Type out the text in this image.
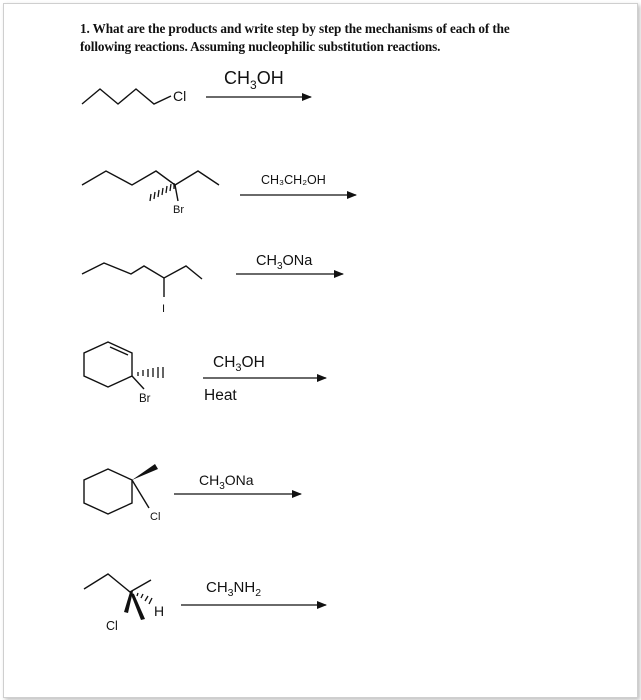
1. What are the products and write step by step the mechanisms of each of the
following reactions. Assuming nucleophilic substitution reactions.
Cl
$CH_3OH$
Br
CH₃CH₂OH
I
$CH_3ONa$
Br
$CH_3OH$
Heat
Cl
$CH_3ONa$
H
Cl
$CH_3NH_2$
